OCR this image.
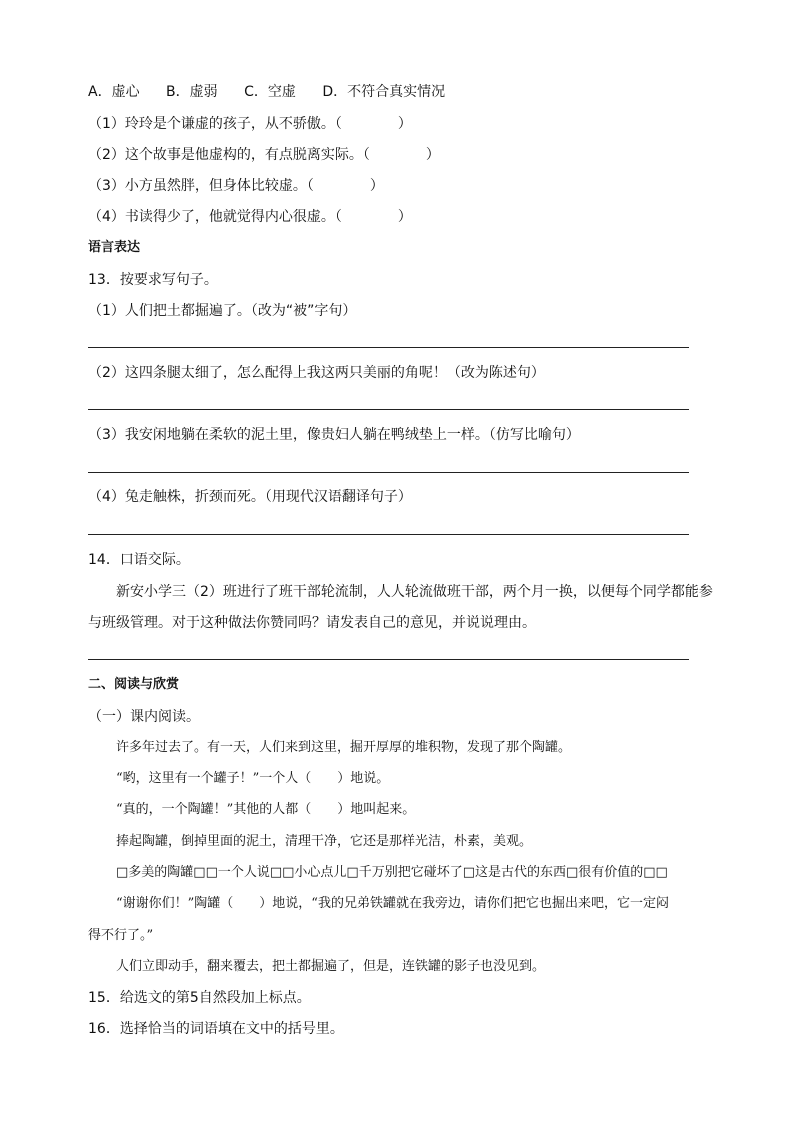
A．虚心 B．虚弱 C．空虚 D．不符合真实情况
（1）玲玲是个谦虚的孩子，从不骄傲。（　　　　）
（2）这个故事是他虚构的，有点脱离实际。（　　　　）
（3）小方虽然胖，但身体比较虚。（　　　　）
（4）书读得少了，他就觉得内心很虚。（　　　　）
语言表达
13．按要求写句子。
（1）人们把土都掘遍了。（改为“被”字句）
（2）这四条腿太细了，怎么配得上我这两只美丽的角呢！（改为陈述句）
（3）我安闲地躺在柔软的泥土里，像贵妇人躺在鸭绒垫上一样。（仿写比喻句）
（4）兔走触株，折颈而死。（用现代汉语翻译句子）
14．口语交际。
新安小学三（2）班进行了班干部轮流制，人人轮流做班干部，两个月一换，以便每个同学都能参
与班级管理。对于这种做法你赞同吗？请发表自己的意见，并说说理由。
二、阅读与欣赏
（一）课内阅读。
许多年过去了。有一天，人们来到这里，掘开厚厚的堆积物，发现了那个陶罐。
“哟，这里有一个罐子！”一个人（　　）地说。
“真的，一个陶罐！”其他的人都（　　）地叫起来。
捧起陶罐，倒掉里面的泥土，清理干净，它还是那样光洁，朴素，美观。
□多美的陶罐□□一个人说□□小心点儿□千万别把它碰坏了□这是古代的东西□很有价值的□□
“谢谢你们！”陶罐（　　）地说，“我的兄弟铁罐就在我旁边，请你们把它也掘出来吧，它一定闷
得不行了。”
人们立即动手，翻来覆去，把土都掘遍了，但是，连铁罐的影子也没见到。
15．给选文的第5自然段加上标点。
16．选择恰当的词语填在文中的括号里。
